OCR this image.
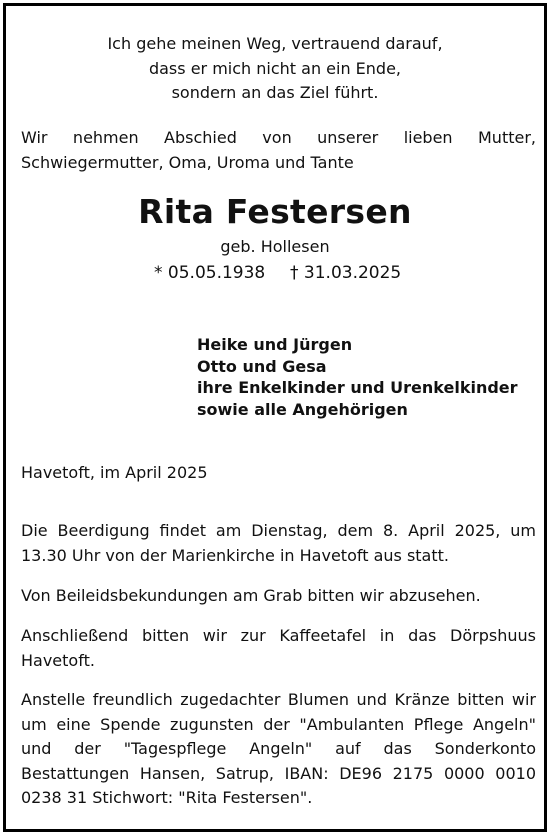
Ich gehe meinen Weg, vertrauend darauf,
dass er mich nicht an ein Ende,
sondern an das Ziel führt.
Wir nehmen Abschied von unserer lieben Mutter, Schwiegermutter, Oma, Uroma und Tante
Rita Festersen
geb. Hollesen
* 05.05.1938 † 31.03.2025
Heike und Jürgen
Otto und Gesa
ihre Enkelkinder und Urenkelkinder
sowie alle Angehörigen
Havetoft, im April 2025
Die Beerdigung findet am Dienstag, dem 8. April 2025, um 13.30 Uhr von der Marienkirche in Havetoft aus statt.
Von Beileidsbekundungen am Grab bitten wir abzusehen.
Anschließend bitten wir zur Kaffeetafel in das Dörpshuus Havetoft.
Anstelle freundlich zugedachter Blumen und Kränze bitten wir um eine Spende zugunsten der "Ambulanten Pflege Angeln" und der "Tagespflege Angeln" auf das Sonderkonto Bestattungen Hansen, Satrup, IBAN: DE96 2175 0000 0010 0238 31 Stichwort: "Rita Festersen".
